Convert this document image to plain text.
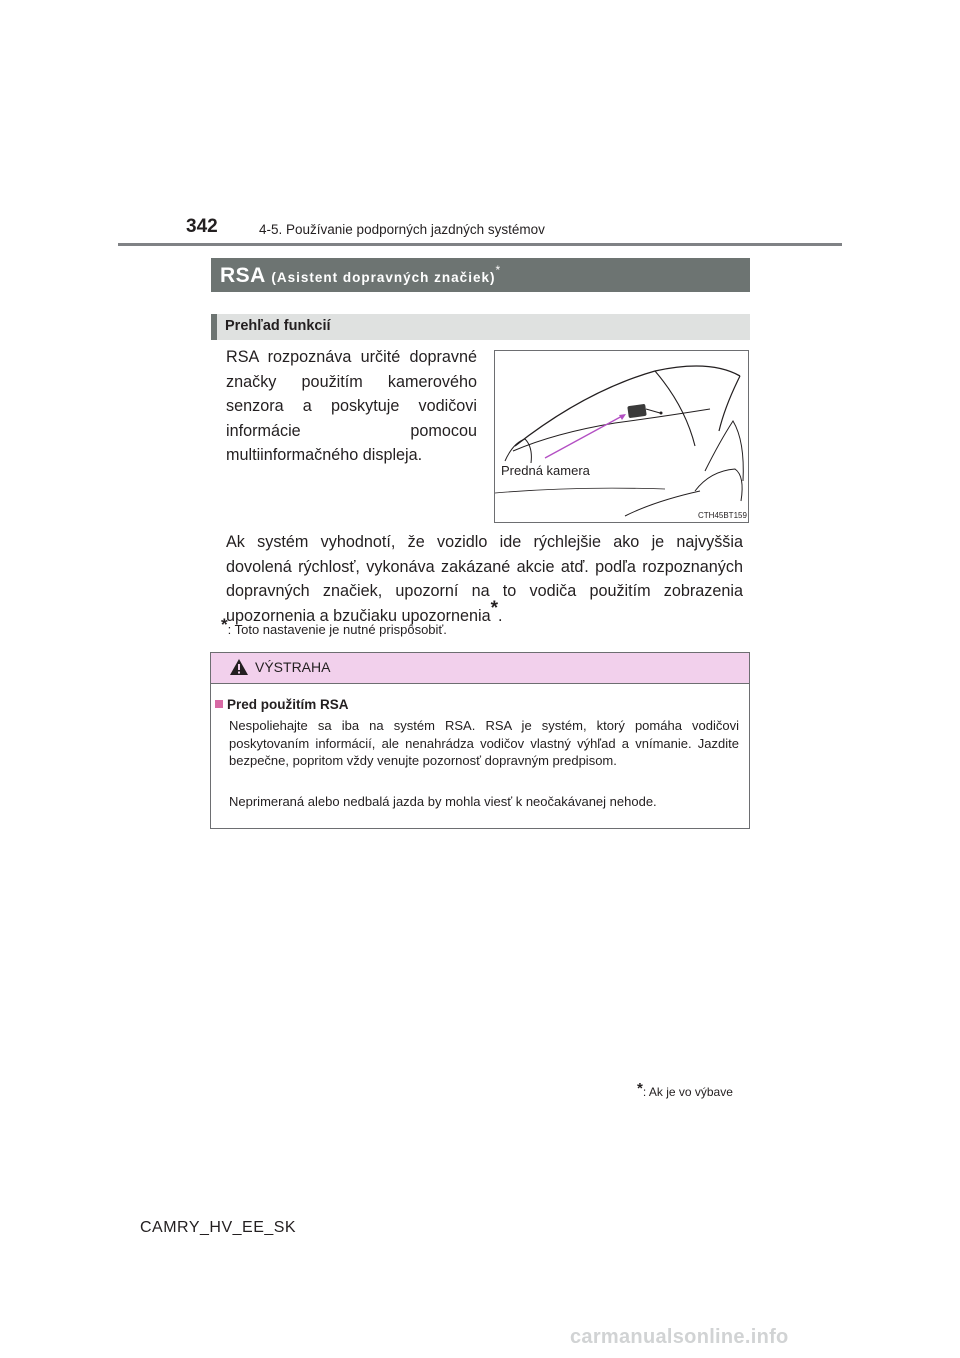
342	4-5. Používanie podporných jazdných systémov
RSA (Asistent dopravných značiek)*
Prehľad funkcií
RSA rozpoznáva určité dopravné značky použitím kamerového senzora a poskytuje vodičovi informácie pomocou multiinformačného displeja.
Predná kamera
CTH45BT159
Ak systém vyhodnotí, že vozidlo ide rýchlejšie ako je najvyššia dovolená rýchlosť, vykonáva zakázané akcie atď. podľa rozpoznaných dopravných značiek, upozorní na to vodiča použitím zobrazenia upozornenia a bzučiaku upozornenia*.
*: Toto nastavenie je nutné prispôsobiť.
VÝSTRAHA
Pred použitím RSA
Nespoliehajte sa iba na systém RSA. RSA je systém, ktorý pomáha vodičovi poskytovaním informácií, ale nenahrádza vodičov vlastný výhľad a vnímanie. Jazdite bezpečne, popritom vždy venujte pozornosť dopravným predpisom.
Neprimeraná alebo nedbalá jazda by mohla viesť k neočakávanej nehode.
*: Ak je vo výbave
CAMRY_HV_EE_SK
carmanualsonline.info
